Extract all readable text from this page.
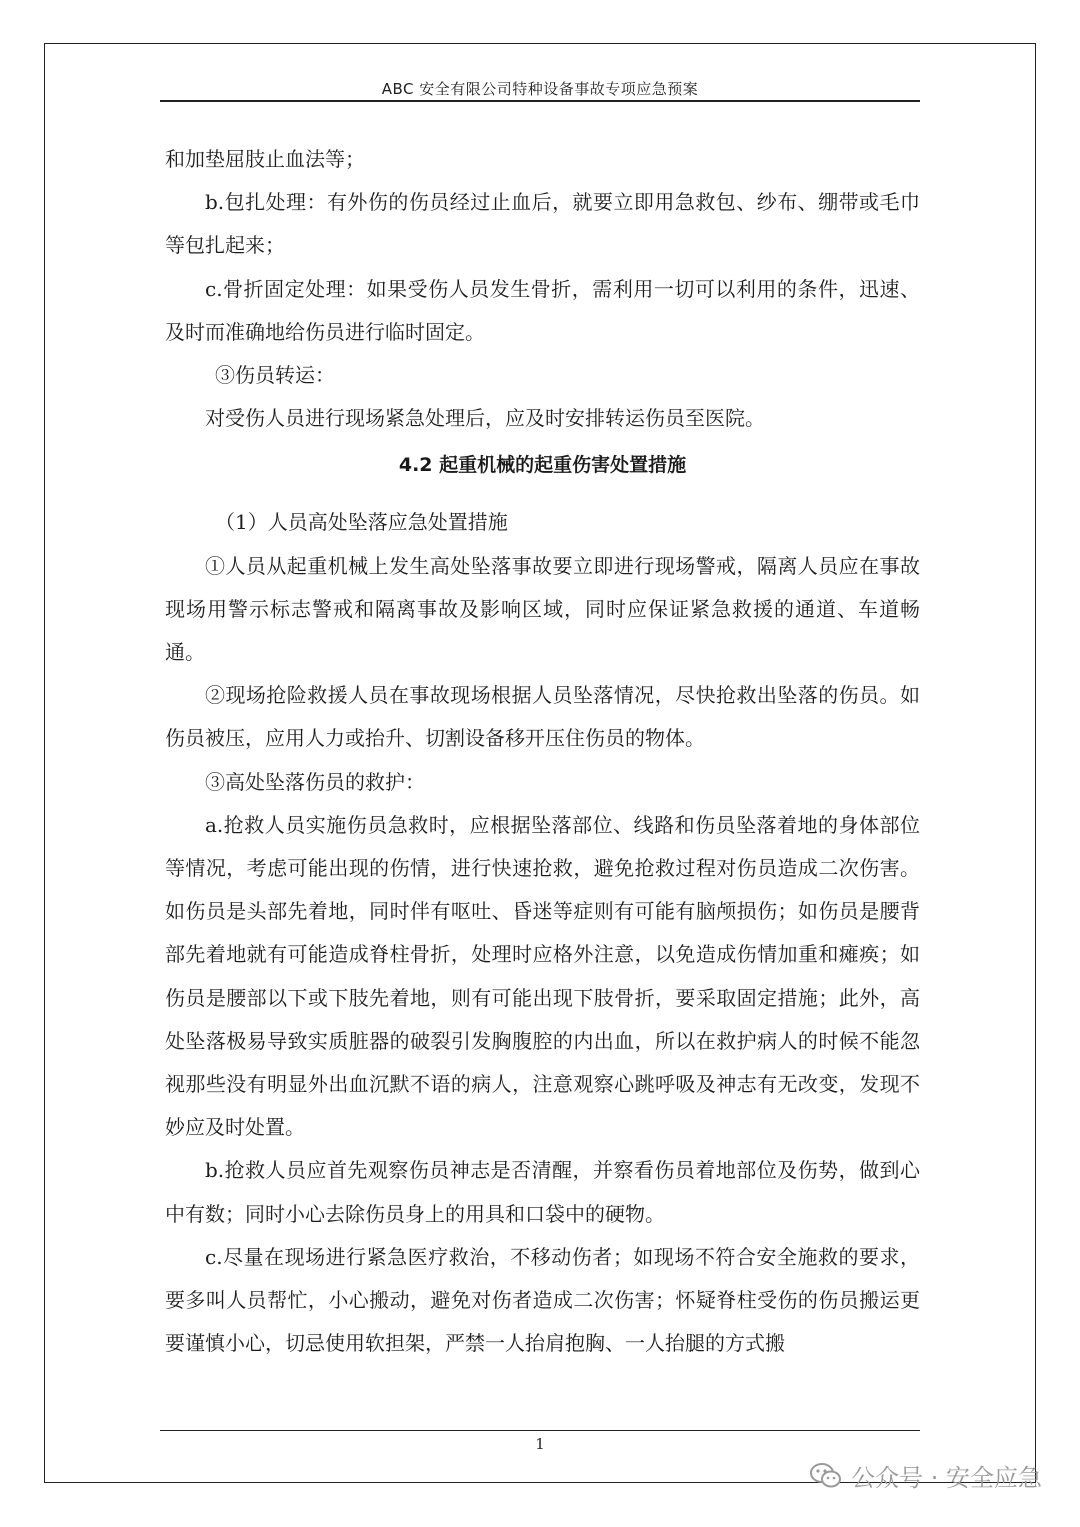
ABC 安全有限公司特种设备事故专项应急预案

和加垫屈肢止血法等；

b.包扎处理：有外伤的伤员经过止血后，就要立即用急救包、纱布、绷带或毛巾等包扎起来；

c.骨折固定处理：如果受伤人员发生骨折，需利用一切可以利用的条件，迅速、及时而准确地给伤员进行临时固定。

③伤员转运：

对受伤人员进行现场紧急处理后，应及时安排转运伤员至医院。

4.2 起重机械的起重伤害处置措施

（1）人员高处坠落应急处置措施

①人员从起重机械上发生高处坠落事故要立即进行现场警戒，隔离人员应在事故现场用警示标志警戒和隔离事故及影响区域，同时应保证紧急救援的通道、车道畅通。

②现场抢险救援人员在事故现场根据人员坠落情况，尽快抢救出坠落的伤员。如伤员被压，应用人力或抬升、切割设备移开压住伤员的物体。

③高处坠落伤员的救护：

a.抢救人员实施伤员急救时，应根据坠落部位、线路和伤员坠落着地的身体部位等情况，考虑可能出现的伤情，进行快速抢救，避免抢救过程对伤员造成二次伤害。如伤员是头部先着地，同时伴有呕吐、昏迷等症则有可能有脑颅损伤；如伤员是腰背部先着地就有可能造成脊柱骨折，处理时应格外注意，以免造成伤情加重和瘫痪；如伤员是腰部以下或下肢先着地，则有可能出现下肢骨折，要采取固定措施；此外，高处坠落极易导致实质脏器的破裂引发胸腹腔的内出血，所以在救护病人的时候不能忽视那些没有明显外出血沉默不语的病人，注意观察心跳呼吸及神志有无改变，发现不妙应及时处置。

b.抢救人员应首先观察伤员神志是否清醒，并察看伤员着地部位及伤势，做到心中有数；同时小心去除伤员身上的用具和口袋中的硬物。

c.尽量在现场进行紧急医疗救治，不移动伤者；如现场不符合安全施救的要求，要多叫人员帮忙，小心搬动，避免对伤者造成二次伤害；怀疑脊柱受伤的伤员搬运更要谨慎小心，切忌使用软担架，严禁一人抬肩抱胸、一人抬腿的方式搬

1
公众号 · 安全应急
